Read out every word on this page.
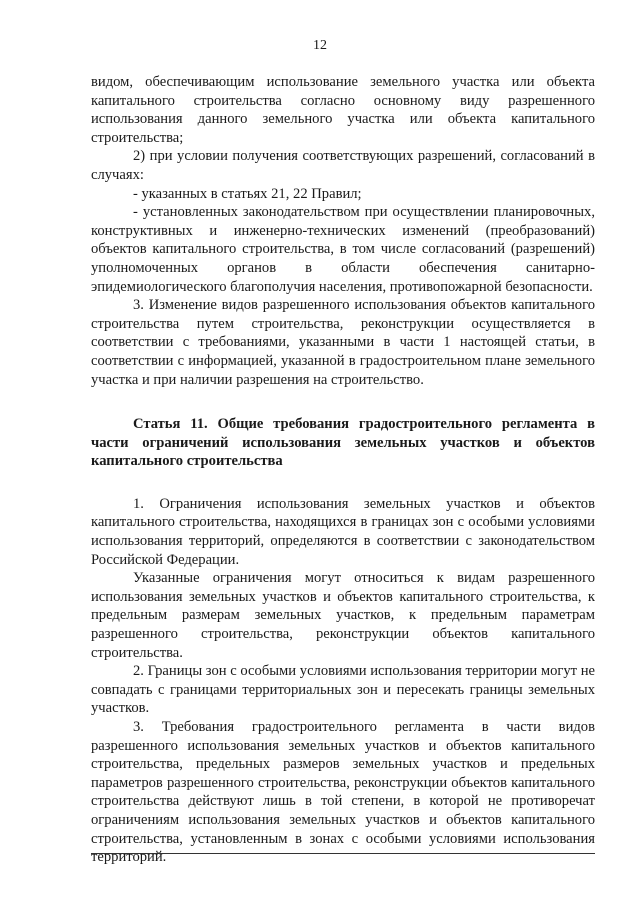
12

видом, обеспечивающим использование земельного участка или объекта капитального строительства согласно основному виду разрешенного использования данного земельного участка или объекта капитального строительства;

2) при условии получения соответствующих разрешений, согласований в случаях:

- указанных в статьях 21, 22 Правил;

- установленных законодательством при осуществлении планировочных, конструктивных и инженерно-технических изменений (преобразований) объектов капитального строительства, в том числе согласований (разрешений) уполномоченных органов в области обеспечения санитарно-эпидемиологического благополучия населения, противопожарной безопасности.

3. Изменение видов разрешенного использования объектов капитального строительства путем строительства, реконструкции осуществляется в соответствии с требованиями, указанными в части 1 настоящей статьи, в соответствии с информацией, указанной в градостроительном плане земельного участка и при наличии разрешения на строительство.

Статья 11. Общие требования градостроительного регламента в части ограничений использования земельных участков и объектов капитального строительства

1. Ограничения использования земельных участков и объектов капитального строительства, находящихся в границах зон с особыми условиями использования территорий, определяются в соответствии с законодательством Российской Федерации.

Указанные ограничения могут относиться к видам разрешенного использования земельных участков и объектов капитального строительства, к предельным размерам земельных участков, к предельным параметрам разрешенного строительства, реконструкции объектов капитального строительства.

2. Границы зон с особыми условиями использования территории могут не совпадать с границами территориальных зон и пересекать границы земельных участков.

3. Требования градостроительного регламента в части видов разрешенного использования земельных участков и объектов капитального строительства, предельных размеров земельных участков и предельных параметров разрешенного строительства, реконструкции объектов капитального строительства действуют лишь в той степени, в которой не противоречат ограничениям использования земельных участков и объектов капитального строительства, установленным в зонах с особыми условиями использования территорий.
